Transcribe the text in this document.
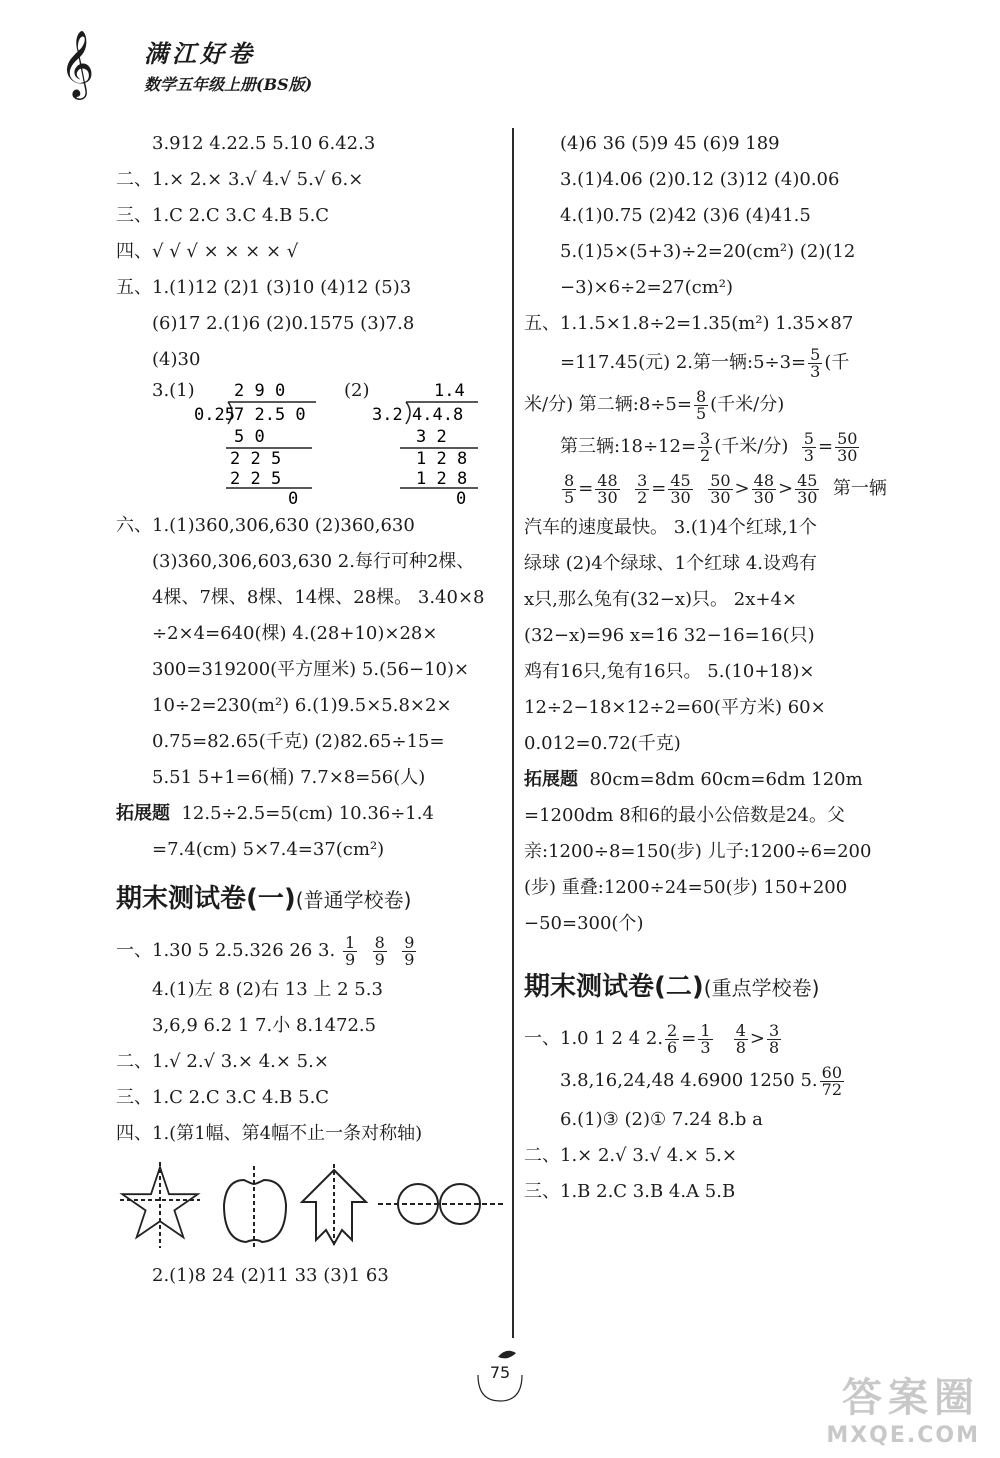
𝄞 满江好卷
数学五年级上册(BS版)
3.912 4.22.5 5.10 6.42.3
二、1.× 2.× 3.√ 4.√ 5.√ 6.×
三、1.C 2.C 3.C 4.B 5.C
四、√ √ √ × × × × √
五、1.(1)12 (2)1 (3)10 (4)12 (5)3
(6)17 2.(1)6 (2)0.1575 (3)7.8
(4)30
3.(1)	(2)
2 9 0
0.25 7 2.5 0
5 0
2 2 5
2 2 5
0
1.4
3.2 4.4.8
3 2
1 2 8
1 2 8
0
六、1.(1)360,306,630 (2)360,630
(3)360,306,603,630 2.每行可种2棵、
4棵、7棵、8棵、14棵、28棵。 3.40×8
÷2×4=640(棵) 4.(28+10)×28×
300=319200(平方厘米) 5.(56−10)×
10÷2=230(m²) 6.(1)9.5×5.8×2×
0.75=82.65(千克) (2)82.65÷15=
5.51 5+1=6(桶) 7.7×8=56(人)
拓展题 12.5÷2.5=5(cm) 10.36÷1.4
=7.4(cm) 5×7.4=37(cm²)
期末测试卷(一)(普通学校卷)
一、1.30 5 2.5.326 26 3. $\frac{1}{9}$
$\frac{8}{9}$
$\frac{9}{9}$
4.(1)左 8 (2)右 13 上 2 5.3
3,6,9 6.2 1 7.小 8.1472.5
二、1.√ 2.√ 3.× 4.× 5.×
三、1.C 2.C 3.C 4.B 5.C
四、1.(第1幅、第4幅不止一条对称轴)
2.(1)8 24 (2)11 33 (3)1 63
(4)6 36 (5)9 45 (6)9 189
3.(1)4.06 (2)0.12 (3)12 (4)0.06
4.(1)0.75 (2)42 (3)6 (4)41.5
5.(1)5×(5+3)÷2=20(cm²) (2)(12
−3)×6÷2=27(cm²)
五、1.1.5×1.8÷2=1.35(m²) 1.35×87
=117.45(元) 2.第一辆:5÷3= $\frac{5}{3}$ (千
米/分) 第二辆:8÷5= $\frac{8}{5}$ (千米/分)
第三辆:18÷12= $\frac{3}{2}$ (千米/分) $\frac{5}{3} = \frac{50}{30}$
$\frac{8}{5} = \frac{48}{30}$
$\frac{3}{2} = \frac{45}{30}$
$\frac{50}{30} > \frac{48}{30} > \frac{45}{30}$ 第一辆
汽车的速度最快。 3.(1)4个红球,1个
绿球 (2)4个绿球、1个红球 4.设鸡有
x只,那么兔有(32−x)只。 2x+4×
(32−x)=96 x=16 32−16=16(只)
鸡有16只,兔有16只。 5.(10+18)×
12÷2−18×12÷2=60(平方米) 60×
0.012=0.72(千克)
拓展题 80cm=8dm 60cm=6dm 120m
=1200dm 8和6的最小公倍数是24。父
亲:1200÷8=150(步) 儿子:1200÷6=200
(步) 重叠:1200÷24=50(步) 150+200
−50=300(个)
期末测试卷(二)(重点学校卷)
一、1.0 1 2 4 2. $\frac{2}{6} = \frac{1}{3}$
$\frac{4}{8} > \frac{3}{8}$
3.8,16,24,48 4.6900 1250 5. $\frac{60}{72}$
6.(1)③ (2)① 7.24 8.b a
二、1.× 2.√ 3.√ 4.× 5.×
三、1.B 2.C 3.B 4.A 5.B
75
答案圈
MXQE.COM
